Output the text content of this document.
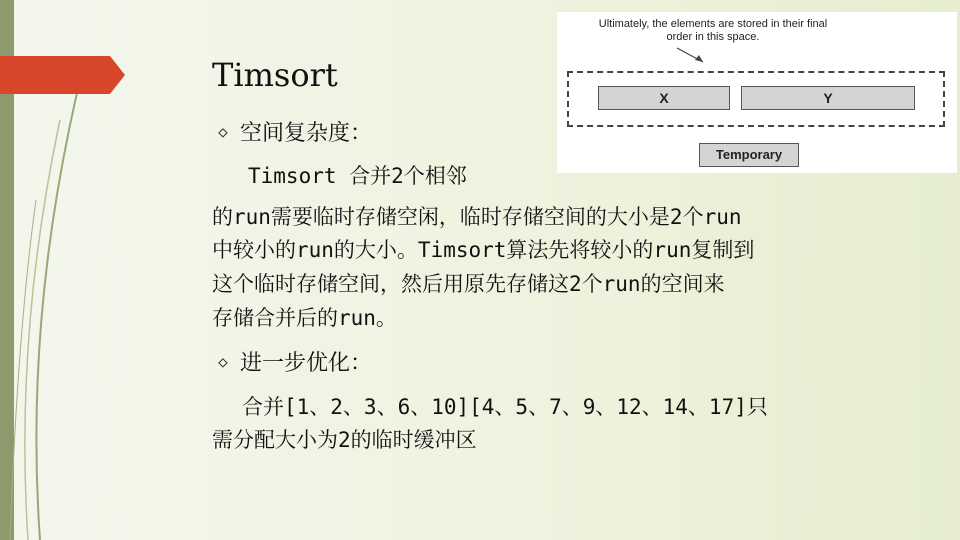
Timsort
◇ 空间复杂度：
Timsort 合并2个相邻
的run需要临时存储空闲，临时存储空间的大小是2个run
中较小的run的大小。Timsort算法先将较小的run复制到
这个临时存储空间，然后用原先存储这2个run的空间来
存储合并后的run。
◇ 进一步优化：
合并[1、2、3、6、10][4、5、7、9、12、14、17]只
需分配大小为2的临时缓冲区
Ultimately, the elements are stored in their final order in this space.
X	Y
Temporary
